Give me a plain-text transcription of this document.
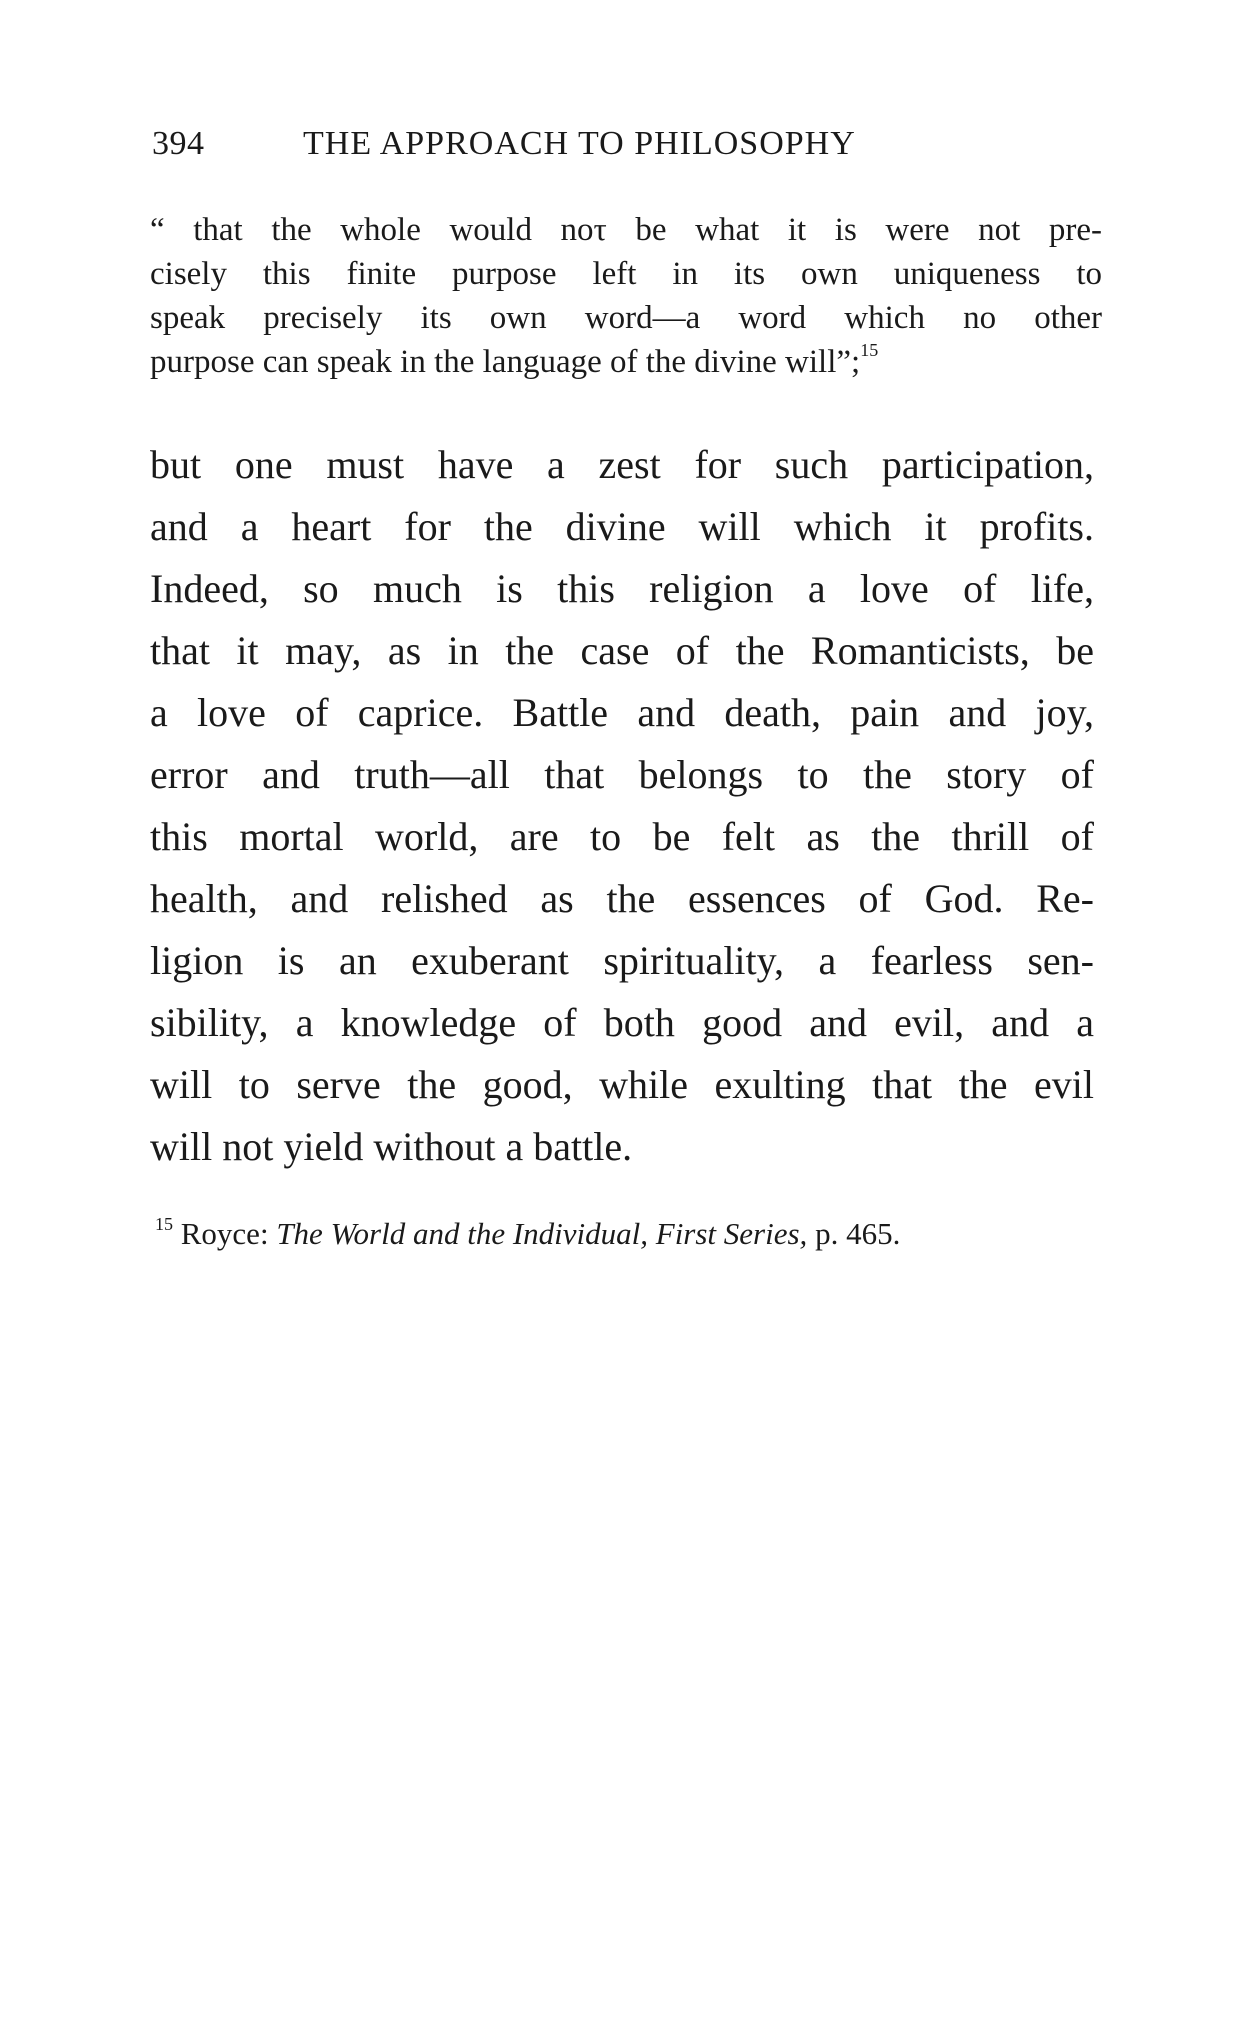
394	THE APPROACH TO PHILOSOPHY
“ that the whole would noτ be what it is were not pre-
cisely this finite purpose left in its own uniqueness to
speak precisely its own word—a word which no other
purpose can speak in the language of the divine will”;$^{15}$
but one must have a zest for such participation,
and a heart for the divine will which it profits.
Indeed, so much is this religion a love of life,
that it may, as in the case of the Romanticists, be
a love of caprice. Battle and death, pain and joy,
error and truth—all that belongs to the story of
this mortal world, are to be felt as the thrill of
health, and relished as the essences of God. Re-
ligion is an exuberant spirituality, a fearless sen-
sibility, a knowledge of both good and evil, and a
will to serve the good, while exulting that the evil
will not yield without a battle.
$^{15}$ Royce: The World and the Individual, First Series, p. 465.
